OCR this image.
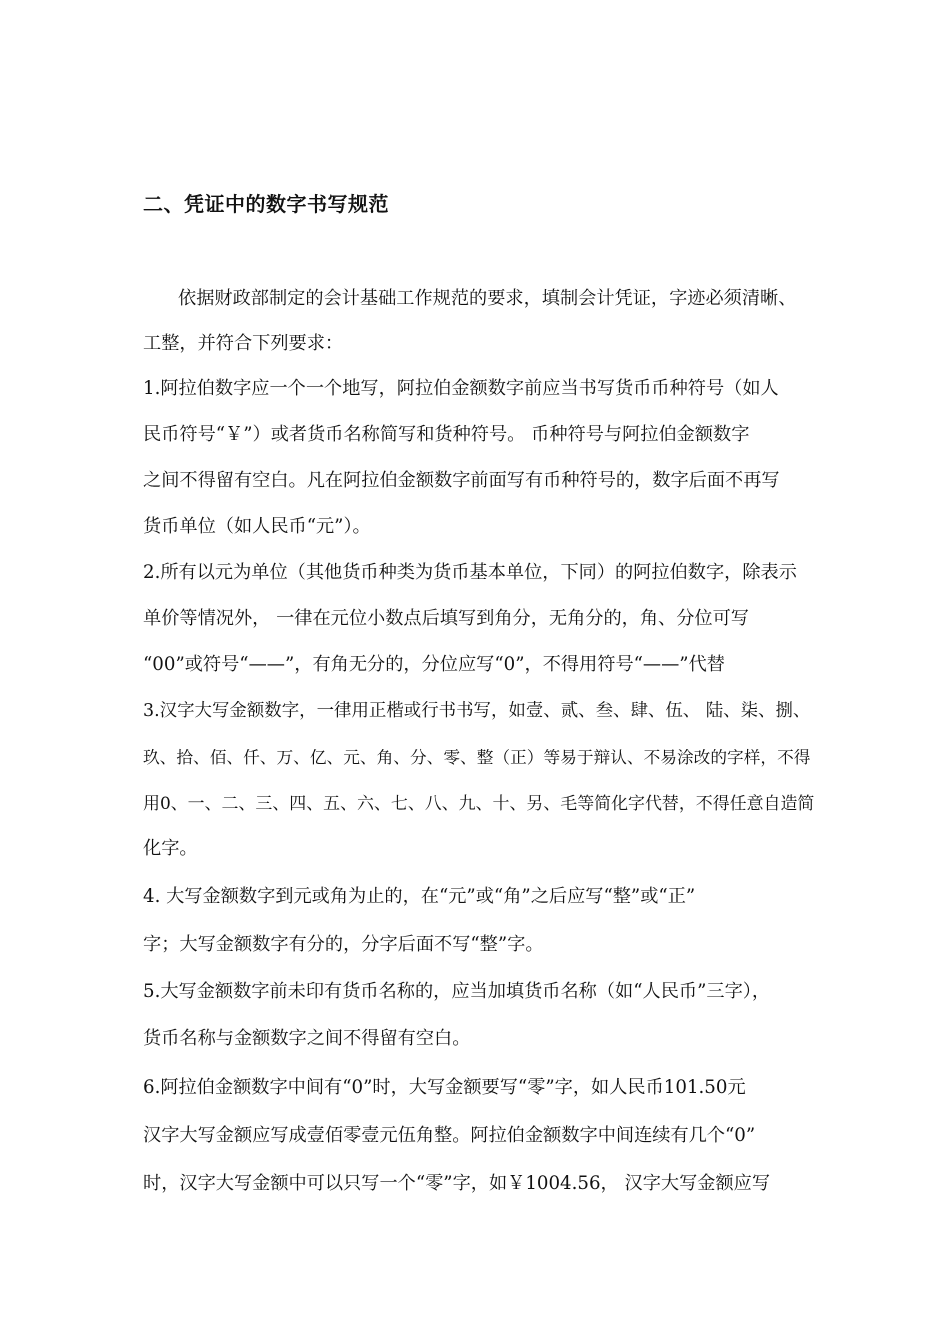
二、凭证中的数字书写规范
依据财政部制定的会计基础工作规范的要求，填制会计凭证，字迹必须清晰、
工整，并符合下列要求：
1.阿拉伯数字应一个一个地写，阿拉伯金额数字前应当书写货币币种符号（如人
民币符号“￥”）或者货币名称简写和货种符号。 币种符号与阿拉伯金额数字
之间不得留有空白。凡在阿拉伯金额数字前面写有币种符号的，数字后面不再写
货币单位（如人民币“元”）。
2.所有以元为单位（其他货币种类为货币基本单位，下同）的阿拉伯数字，除表示
单价等情况外， 一律在元位小数点后填写到角分，无角分的，角、分位可写
“00”或符号“——”，有角无分的，分位应写“0”，不得用符号“——”代替
3.汉字大写金额数字，一律用正楷或行书书写，如壹、贰、叁、肆、伍、 陆、柒、捌、
玖、拾、佰、仟、万、亿、元、角、分、零、整（正）等易于辩认、不易涂改的字样，不得
用0、一、二、三、四、五、六、七、八、九、十、另、毛等简化字代替，不得任意自造简
化字。
4. 大写金额数字到元或角为止的，在“元”或“角”之后应写“整”或“正”
字；大写金额数字有分的，分字后面不写“整”字。
5.大写金额数字前未印有货币名称的，应当加填货币名称（如“人民币”三字），
货币名称与金额数字之间不得留有空白。
6.阿拉伯金额数字中间有“0”时，大写金额要写“零”字，如人民币101.50元
汉字大写金额应写成壹佰零壹元伍角整。阿拉伯金额数字中间连续有几个“0”
时，汉字大写金额中可以只写一个“零”字，如￥1004.56， 汉字大写金额应写
